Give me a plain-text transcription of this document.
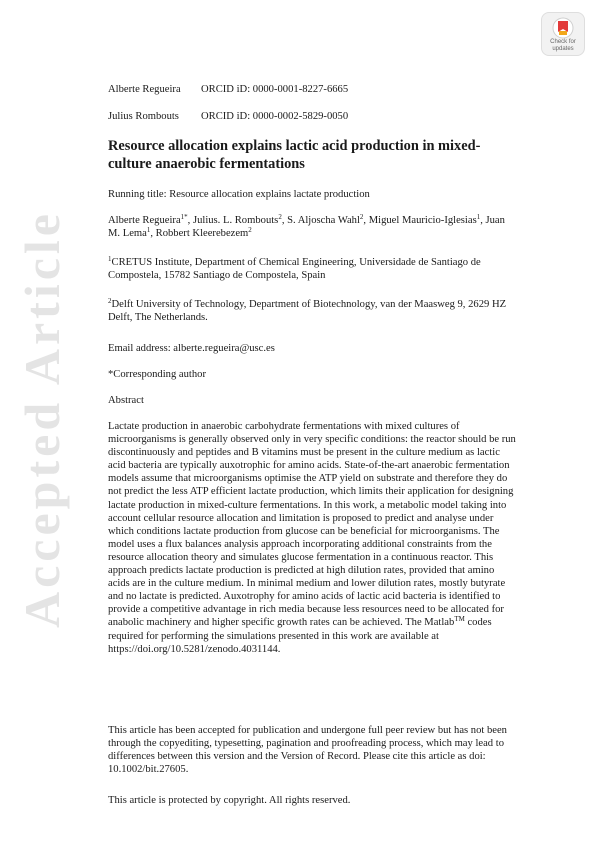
Accepted Article
Check for
updates
Alberte Regueira ORCID iD: 0000-0001-8227-6665
Julius Rombouts ORCID iD: 0000-0002-5829-0050
Resource allocation explains lactic acid production in mixed-culture anaerobic fermentations
Running title: Resource allocation explains lactate production
Alberte Regueira$^{1*}$, Julius. L. Rombouts$^2$, S. Aljoscha Wahl$^2$, Miguel Mauricio-Iglesias$^1$, Juan M. Lema$^1$, Robbert Kleerebezem$^2$
$^1$CRETUS Institute, Department of Chemical Engineering, Universidade de Santiago de Compostela, 15782 Santiago de Compostela, Spain
$^2$Delft University of Technology, Department of Biotechnology, van der Maasweg 9, 2629 HZ Delft, The Netherlands.
Email address: alberte.regueira@usc.es
*Corresponding author
Abstract

Lactate production in anaerobic carbohydrate fermentations with mixed cultures of microorganisms is generally observed only in very specific conditions: the reactor should be run discontinuously and peptides and B vitamins must be present in the culture medium as lactic acid bacteria are typically auxotrophic for amino acids. State-of-the-art anaerobic fermentation models assume that microorganisms optimise the ATP yield on substrate and therefore they do not predict the less ATP efficient lactate production, which limits their application for designing lactate production in mixed-culture fermentations. In this work, a metabolic model taking into account cellular resource allocation and limitation is proposed to predict and analyse under which conditions lactate production from glucose can be beneficial for microorganisms. The model uses a flux balances analysis approach incorporating additional constraints from the resource allocation theory and simulates glucose fermentation in a continuous reactor. This approach predicts lactate production is predicted at high dilution rates, provided that amino acids are in the culture medium. In minimal medium and lower dilution rates, mostly butyrate and no lactate is predicted. Auxotrophy for amino acids of lactic acid bacteria is identified to provide a competitive advantage in rich media because less resources need to be allocated for anabolic machinery and higher specific growth rates can be achieved. The Matlab™ codes required for performing the simulations presented in this work are available at https://doi.org/10.5281/zenodo.4031144.

This article has been accepted for publication and undergone full peer review but has not been through the copyediting, typesetting, pagination and proofreading process, which may lead to differences between this version and the Version of Record. Please cite this article as doi: 10.1002/bit.27605.

This article is protected by copyright. All rights reserved.
